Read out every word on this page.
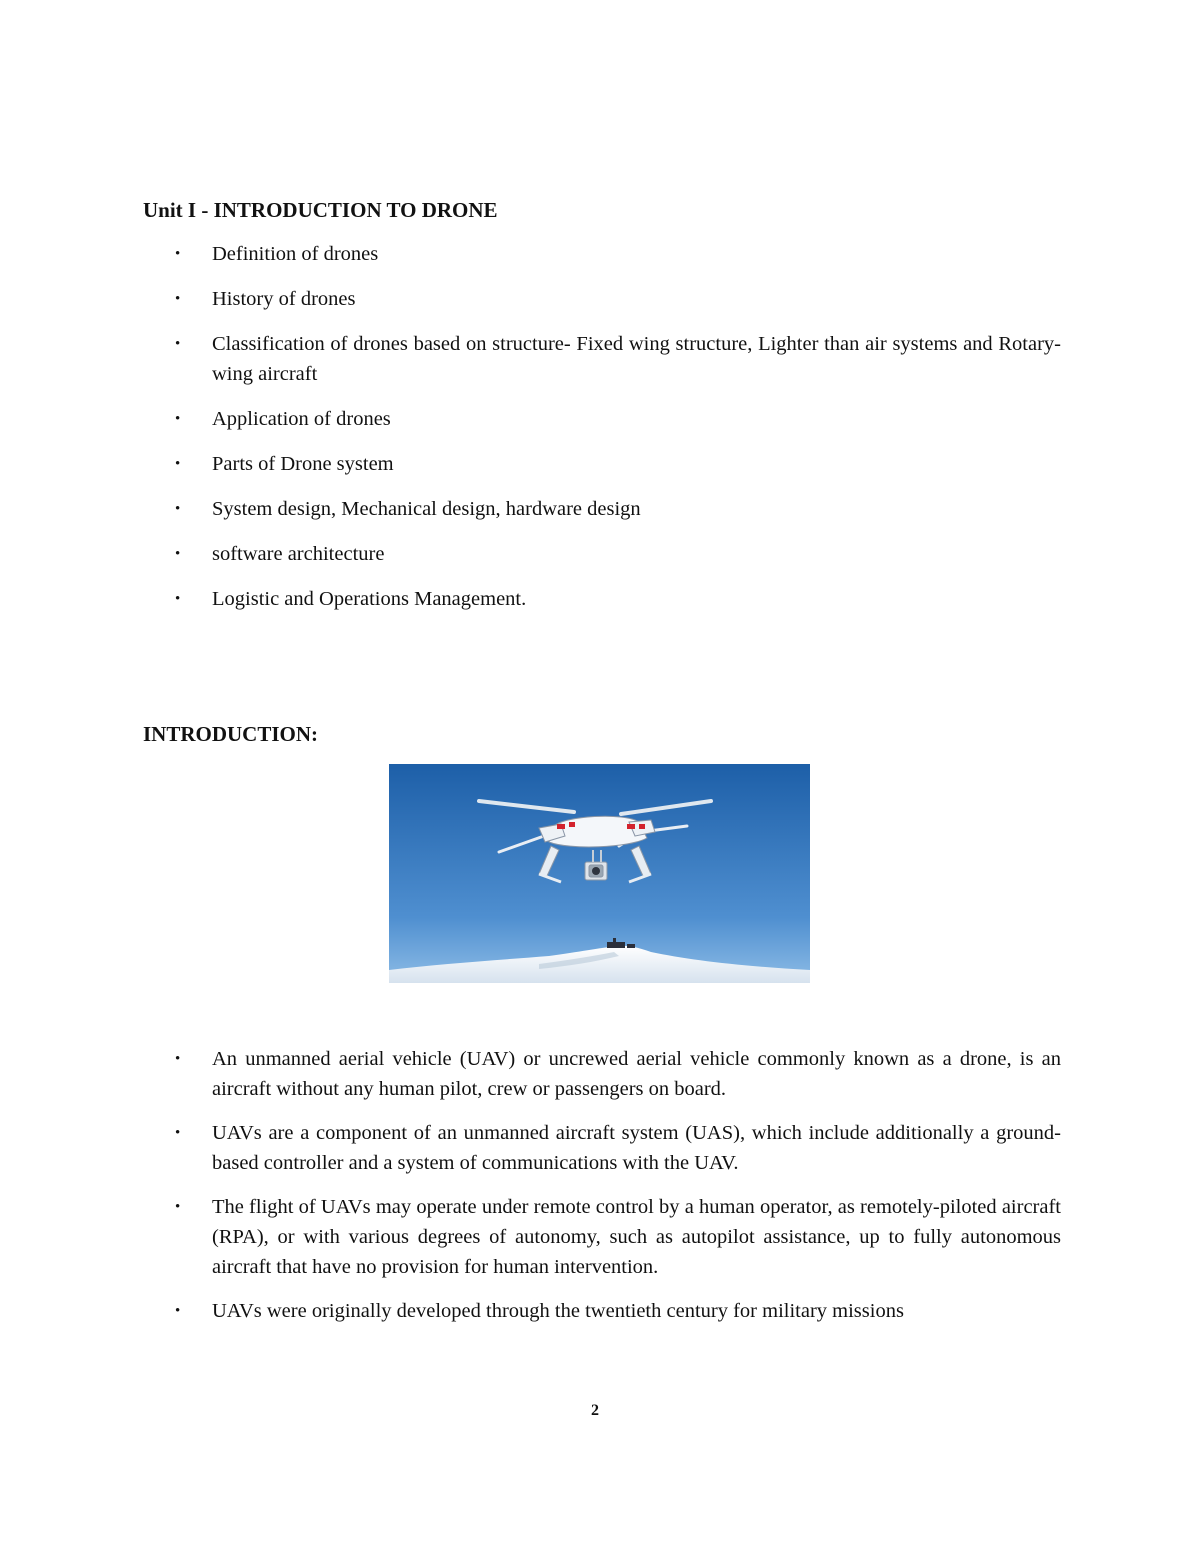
Unit I - INTRODUCTION TO DRONE
• Definition of drones
• History of drones
• Classification of drones based on structure- Fixed wing structure, Lighter than air systems and Rotary-wing aircraft
• Application of drones
• Parts of Drone system
• System design, Mechanical design, hardware design
• software architecture
• Logistic and Operations Management.
INTRODUCTION:
• An unmanned aerial vehicle (UAV) or uncrewed aerial vehicle commonly known as a drone, is an aircraft without any human pilot, crew or passengers on board.
• UAVs are a component of an unmanned aircraft system (UAS), which include additionally a ground-based controller and a system of communications with the UAV.
• The flight of UAVs may operate under remote control by a human operator, as remotely-piloted aircraft (RPA), or with various degrees of autonomy, such as autopilot assistance, up to fully autonomous aircraft that have no provision for human intervention.
• UAVs were originally developed through the twentieth century for military missions
2
